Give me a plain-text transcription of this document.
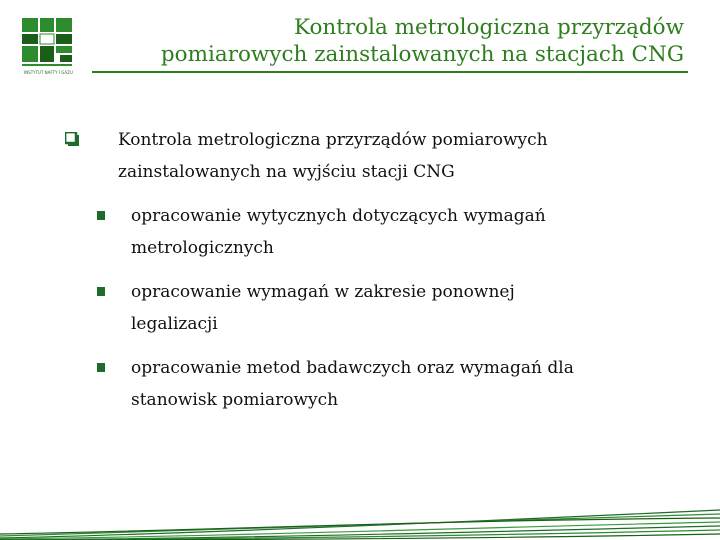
INSTYTUT NAFTY I GAZU
Kontrola metrologiczna przyrządów
pomiarowych zainstalowanych na stacjach CNG
Kontrola metrologiczna przyrządów pomiarowych
zainstalowanych na wyjściu stacji CNG
opracowanie wytycznych dotyczących wymagań
metrologicznych
opracowanie wymagań w zakresie ponownej
legalizacji
opracowanie metod badawczych oraz wymagań dla
stanowisk pomiarowych
